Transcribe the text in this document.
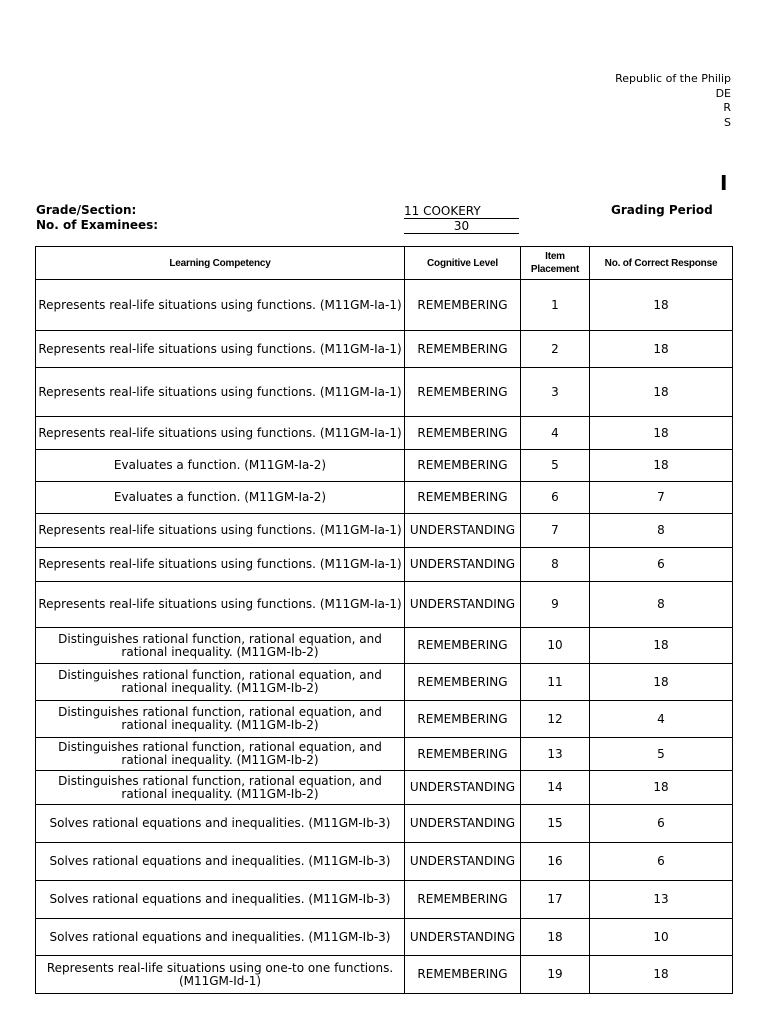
Republic of the Philip
DE
R
S
I
Grade/Section:
No. of Examinees:
11 COOKERY
30
Grading Period
Learning Competency	Cognitive Level	Item Placement	No. of Correct Response
Represents real-life situations using functions. (M11GM-Ia-1)	REMEMBERING	1	18
Represents real-life situations using functions. (M11GM-Ia-1)	REMEMBERING	2	18
Represents real-life situations using functions. (M11GM-Ia-1)	REMEMBERING	3	18
Represents real-life situations using functions. (M11GM-Ia-1)	REMEMBERING	4	18
Evaluates a function. (M11GM-Ia-2)	REMEMBERING	5	18
Evaluates a function. (M11GM-Ia-2)	REMEMBERING	6	7
Represents real-life situations using functions. (M11GM-Ia-1)	UNDERSTANDING	7	8
Represents real-life situations using functions. (M11GM-Ia-1)	UNDERSTANDING	8	6
Represents real-life situations using functions. (M11GM-Ia-1)	UNDERSTANDING	9	8
Distinguishes rational function, rational equation, and rational inequality. (M11GM-Ib-2)	REMEMBERING	10	18
Distinguishes rational function, rational equation, and rational inequality. (M11GM-Ib-2)	REMEMBERING	11	18
Distinguishes rational function, rational equation, and rational inequality. (M11GM-Ib-2)	REMEMBERING	12	4
Distinguishes rational function, rational equation, and rational inequality. (M11GM-Ib-2)	REMEMBERING	13	5
Distinguishes rational function, rational equation, and rational inequality. (M11GM-Ib-2)	UNDERSTANDING	14	18
Solves rational equations and inequalities. (M11GM-Ib-3)	UNDERSTANDING	15	6
Solves rational equations and inequalities. (M11GM-Ib-3)	UNDERSTANDING	16	6
Solves rational equations and inequalities. (M11GM-Ib-3)	REMEMBERING	17	13
Solves rational equations and inequalities. (M11GM-Ib-3)	UNDERSTANDING	18	10
Represents real-life situations using one-to one functions. (M11GM-Id-1)	REMEMBERING	19	18
